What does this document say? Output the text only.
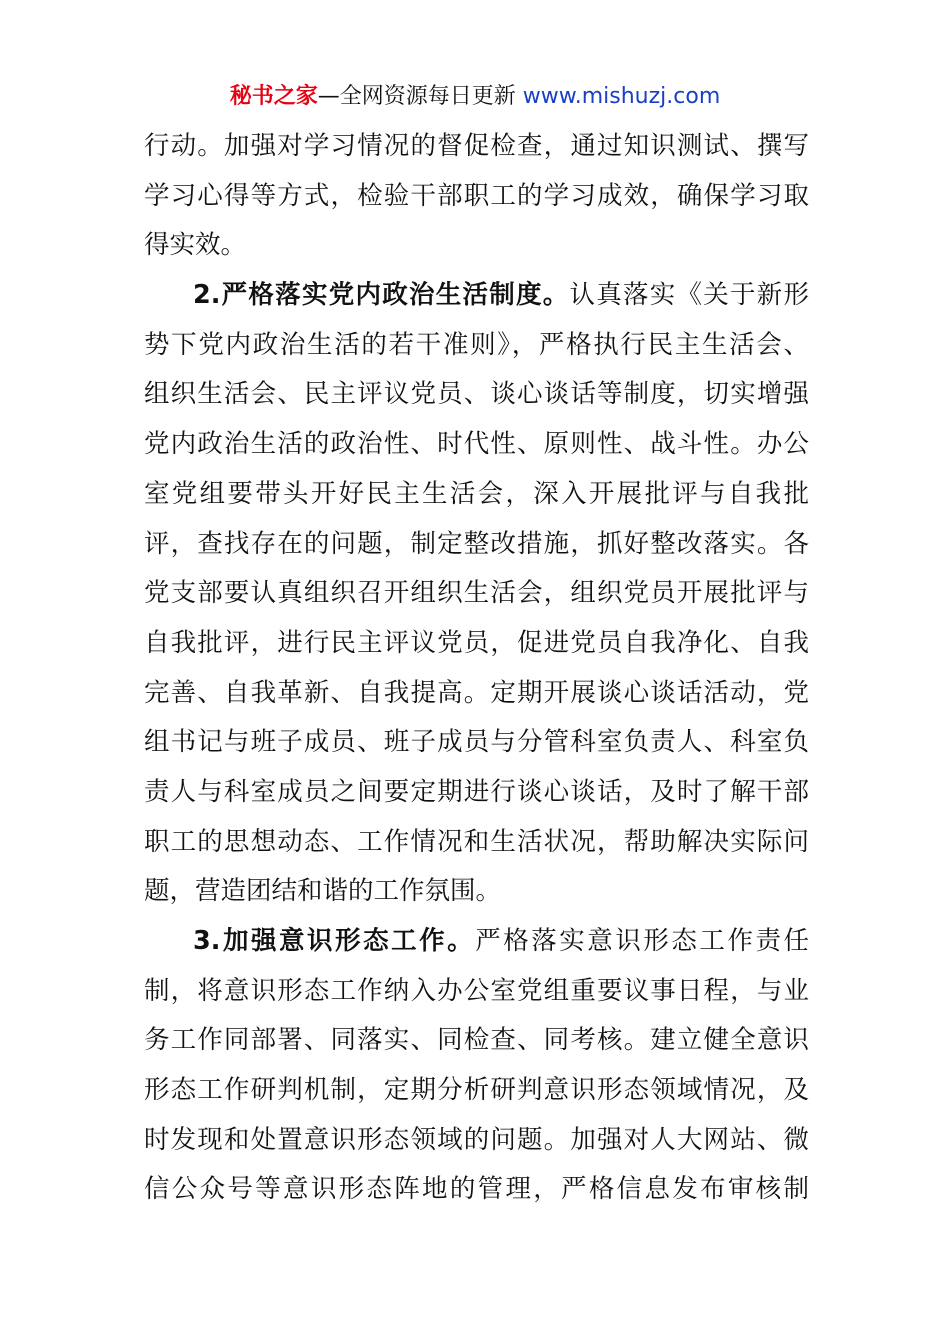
秘书之家—全网资源每日更新 www.mishuzj.com
行动。加强对学习情况的督促检查，通过知识测试、撰写
学习心得等方式，检验干部职工的学习成效，确保学习取
得实效。
2.严格落实党内政治生活制度。认真落实《关于新形
势下党内政治生活的若干准则》，严格执行民主生活会、
组织生活会、民主评议党员、谈心谈话等制度，切实增强
党内政治生活的政治性、时代性、原则性、战斗性。办公
室党组要带头开好民主生活会，深入开展批评与自我批
评，查找存在的问题，制定整改措施，抓好整改落实。各
党支部要认真组织召开组织生活会，组织党员开展批评与
自我批评，进行民主评议党员，促进党员自我净化、自我
完善、自我革新、自我提高。定期开展谈心谈话活动，党
组书记与班子成员、班子成员与分管科室负责人、科室负
责人与科室成员之间要定期进行谈心谈话，及时了解干部
职工的思想动态、工作情况和生活状况，帮助解决实际问
题，营造团结和谐的工作氛围。
3.加强意识形态工作。严格落实意识形态工作责任
制，将意识形态工作纳入办公室党组重要议事日程，与业
务工作同部署、同落实、同检查、同考核。建立健全意识
形态工作研判机制，定期分析研判意识形态领域情况，及
时发现和处置意识形态领域的问题。加强对人大网站、微
信公众号等意识形态阵地的管理，严格信息发布审核制
